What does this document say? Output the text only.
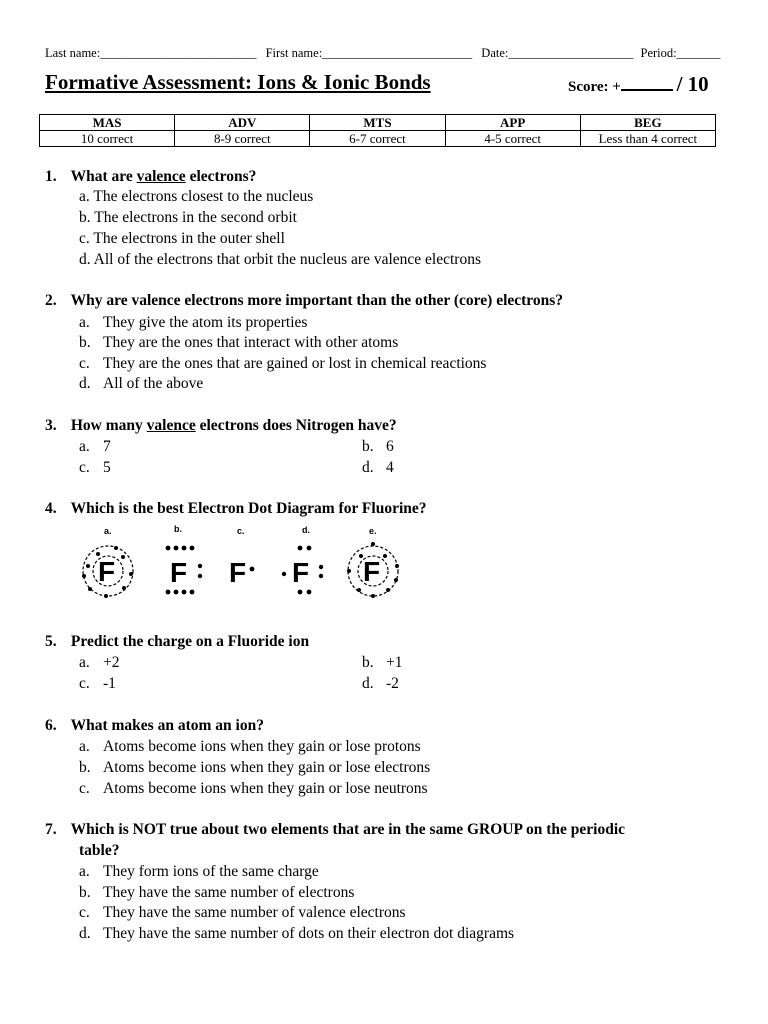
Last name:_________________________ First name:________________________ Date:____________________ Period:_______
Formative Assessment: Ions & Ionic Bonds	Score: +	/ 10
MAS	ADV	MTS	APP	BEG
10 correct	8-9 correct	6-7 correct	4-5 correct	Less than 4 correct
1. What are valence electrons?
a. The electrons closest to the nucleus
b. The electrons in the second orbit
c. The electrons in the outer shell
d. All of the electrons that orbit the nucleus are valence electrons
2. Why are valence electrons more important than the other (core) electrons?
a. They give the atom its properties
b. They are the ones that interact with other atoms
c. They are the ones that are gained or lost in chemical reactions
d. All of the above
3. How many valence electrons does Nitrogen have?
a. 7	b. 6
c. 5	d. 4
4. Which is the best Electron Dot Diagram for Fluorine?
a.	b.	c.	d.	e.
F F F F F
5. Predict the charge on a Fluoride ion
a. +2	b. +1
c. -1	d. -2
6. What makes an atom an ion?
a. Atoms become ions when they gain or lose protons
b. Atoms become ions when they gain or lose electrons
c. Atoms become ions when they gain or lose neutrons
7. Which is NOT true about two elements that are in the same GROUP on the periodic
table?
a. They form ions of the same charge
b. They have the same number of electrons
c. They have the same number of valence electrons
d. They have the same number of dots on their electron dot diagrams
